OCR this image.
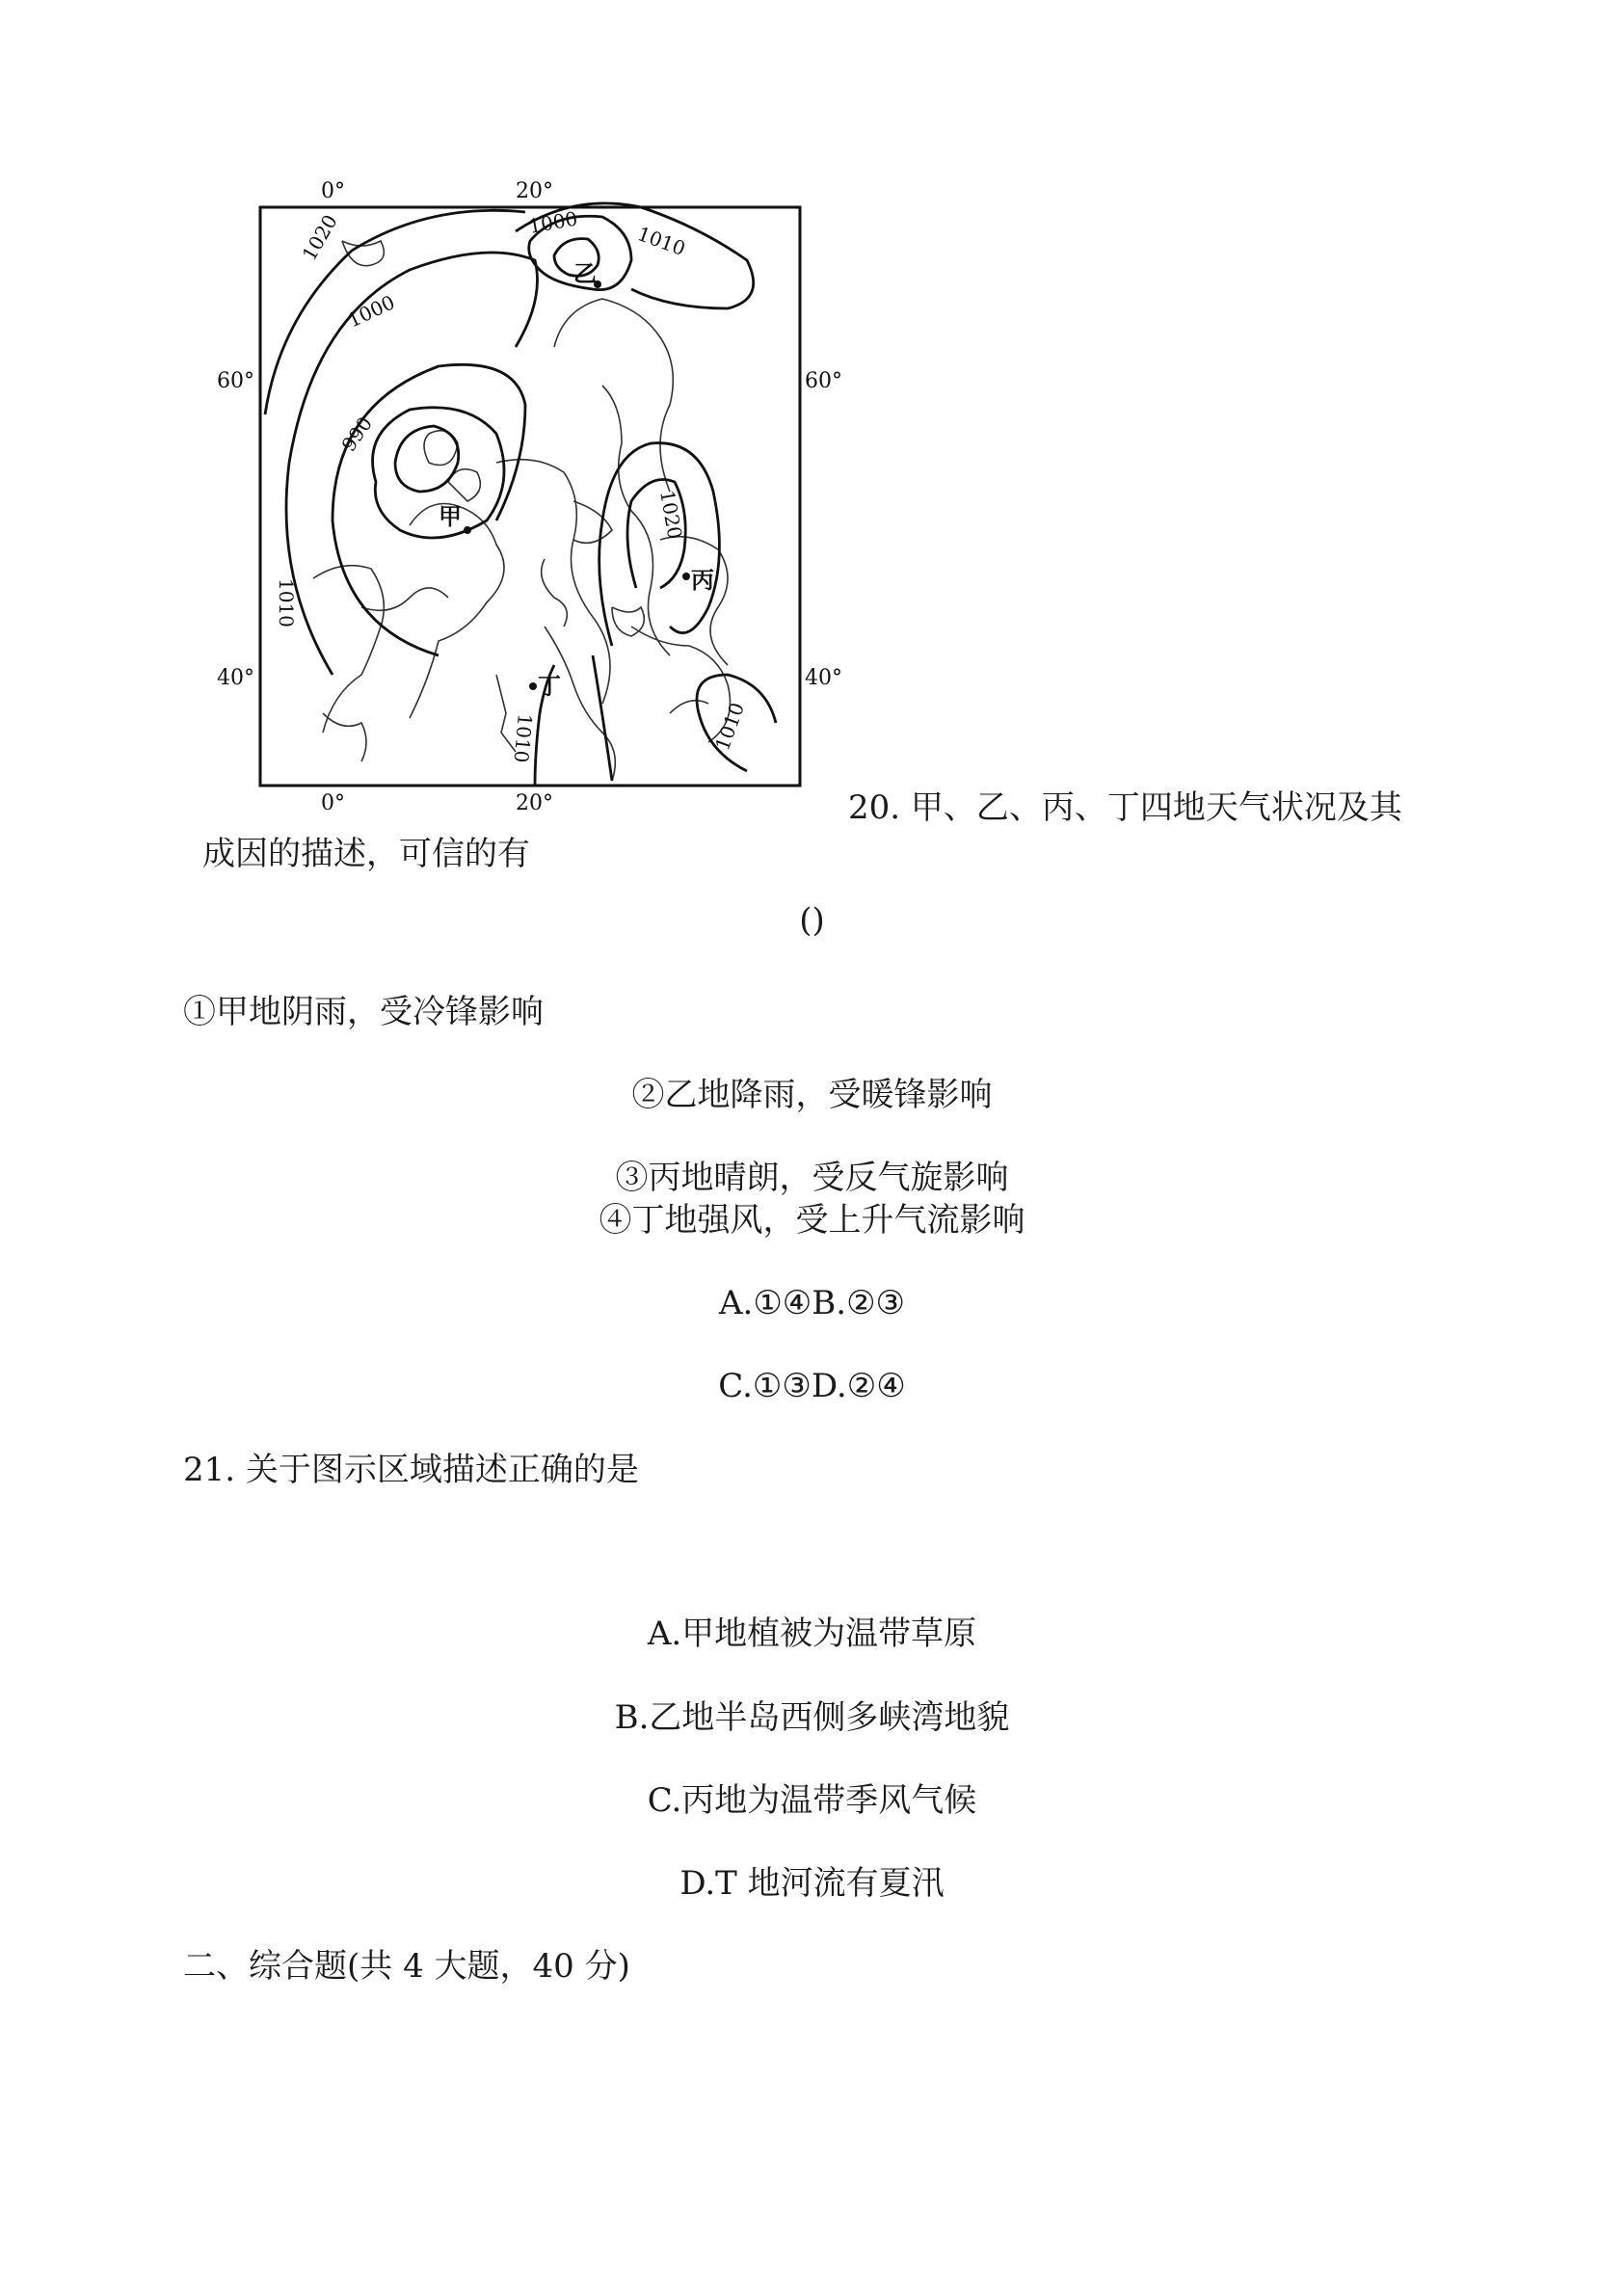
0°	20°
0°	20°
60°
40°
60°
40°
1020
1000
1010
1000
990
1010
1020
1010	1010
甲
乙
丙
丁
20. 甲、乙、丙、丁四地天气状况及其
成因的描述，可信的有
()
①甲地阴雨，受冷锋影响
②乙地降雨，受暖锋影响
③丙地晴朗，受反气旋影响
④丁地强风，受上升气流影响
A.①④B.②③
C.①③D.②④
21. 关于图示区域描述正确的是
A.甲地植被为温带草原
B.乙地半岛西侧多峡湾地貌
C.丙地为温带季风气候
D.T 地河流有夏汛
二、综合题(共 4 大题，40 分)
